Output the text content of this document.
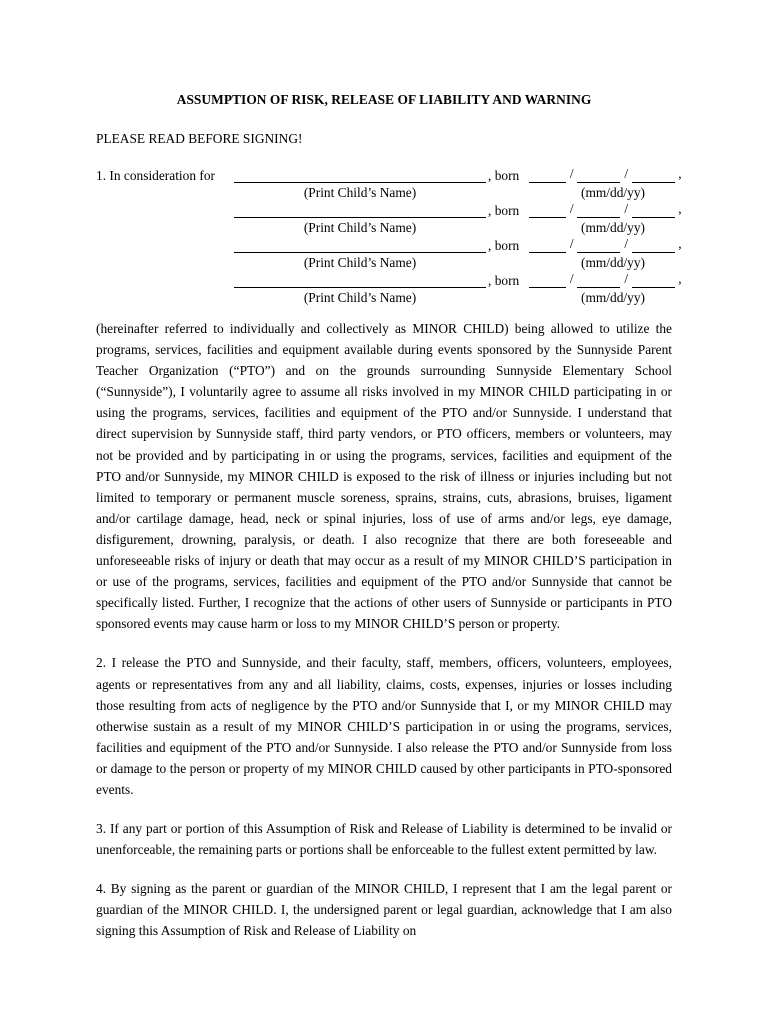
ASSUMPTION OF RISK, RELEASE OF LIABILITY AND WARNING
PLEASE READ BEFORE SIGNING!
1. In consideration for	, born	/	/	,
(Print Child’s Name)	(mm/dd/yy)
, born	/	/	,
(Print Child’s Name)	(mm/dd/yy)
, born	/	/	,
(Print Child’s Name)	(mm/dd/yy)
, born	/	/	,
(Print Child’s Name)	(mm/dd/yy)

(hereinafter referred to individually and collectively as MINOR CHILD) being allowed to utilize the programs, services, facilities and equipment available during events sponsored by the Sunnyside Parent Teacher Organization (“PTO”) and on the grounds surrounding Sunnyside Elementary School (“Sunnyside”), I voluntarily agree to assume all risks involved in my MINOR CHILD participating in or using the programs, services, facilities and equipment of the PTO and/or Sunnyside. I understand that direct supervision by Sunnyside staff, third party vendors, or PTO officers, members or volunteers, may not be provided and by participating in or using the programs, services, facilities and equipment of the PTO and/or Sunnyside, my MINOR CHILD is exposed to the risk of illness or injuries including but not limited to temporary or permanent muscle soreness, sprains, strains, cuts, abrasions, bruises, ligament and/or cartilage damage, head, neck or spinal injuries, loss of use of arms and/or legs, eye damage, disfigurement, drowning, paralysis, or death. I also recognize that there are both foreseeable and unforeseeable risks of injury or death that may occur as a result of my MINOR CHILD’S participation in or use of the programs, services, facilities and equipment of the PTO and/or Sunnyside that cannot be specifically listed. Further, I recognize that the actions of other users of Sunnyside or participants in PTO sponsored events may cause harm or loss to my MINOR CHILD’S person or property.

2. I release the PTO and Sunnyside, and their faculty, staff, members, officers, volunteers, employees, agents or representatives from any and all liability, claims, costs, expenses, injuries or losses including those resulting from acts of negligence by the PTO and/or Sunnyside that I, or my MINOR CHILD may otherwise sustain as a result of my MINOR CHILD’S participation in or using the programs, services, facilities and equipment of the PTO and/or Sunnyside. I also release the PTO and/or Sunnyside from loss or damage to the person or property of my MINOR CHILD caused by other participants in PTO-sponsored events.

3. If any part or portion of this Assumption of Risk and Release of Liability is determined to be invalid or unenforceable, the remaining parts or portions shall be enforceable to the fullest extent permitted by law.

4. By signing as the parent or guardian of the MINOR CHILD, I represent that I am the legal parent or guardian of the MINOR CHILD. I, the undersigned parent or legal guardian, acknowledge that I am also signing this Assumption of Risk and Release of Liability on
